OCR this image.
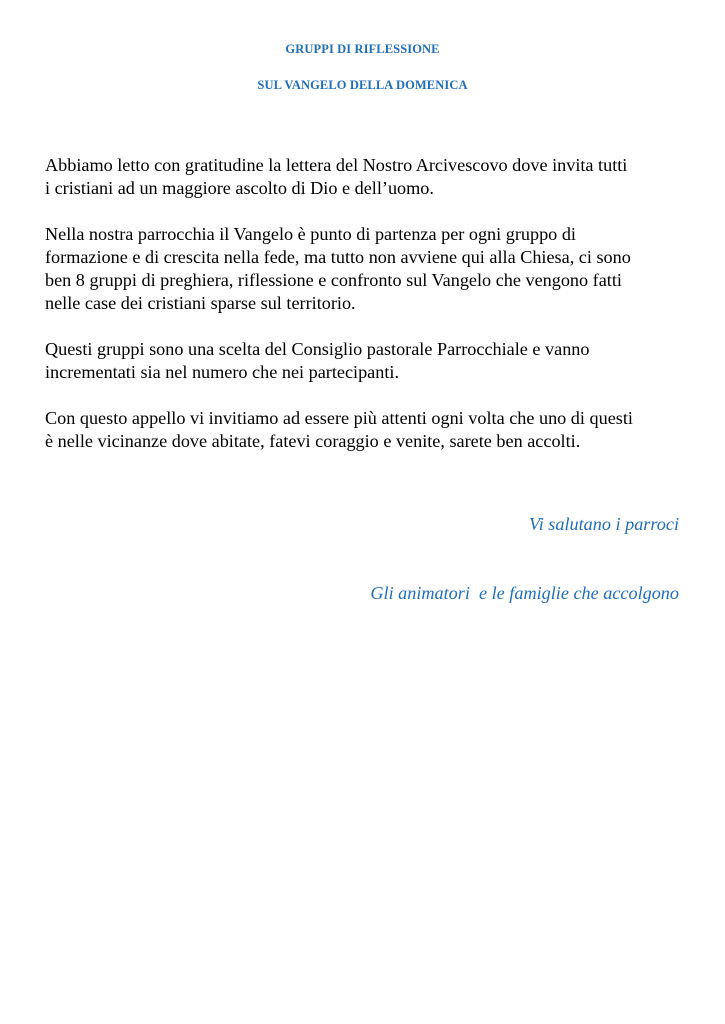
GRUPPI DI RIFLESSIONE
SUL VANGELO DELLA DOMENICA

Abbiamo letto con gratitudine la lettera del Nostro Arcivescovo dove invita tutti
i cristiani ad un maggiore ascolto di Dio e dell’uomo.

Nella nostra parrocchia il Vangelo è punto di partenza per ogni gruppo di
formazione e di crescita nella fede, ma tutto non avviene qui alla Chiesa, ci sono
ben 8 gruppi di preghiera, riflessione e confronto sul Vangelo che vengono fatti
nelle case dei cristiani sparse sul territorio.

Questi gruppi sono una scelta del Consiglio pastorale Parrocchiale e vanno
incrementati sia nel numero che nei partecipanti.

Con questo appello vi invitiamo ad essere più attenti ogni volta che uno di questi
è nelle vicinanze dove abitate, fatevi coraggio e venite, sarete ben accolti.

Vi salutano i parroci

Gli animatori  e le famiglie che accolgono
